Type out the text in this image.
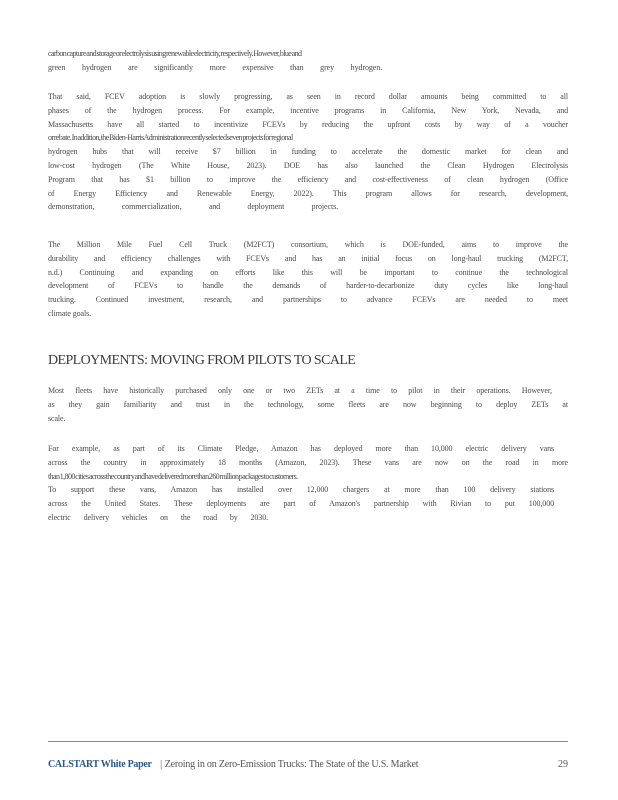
carbon capture and storage or electrolysis using renewable electricity, respectively. However, blue and
green hydrogen are significantly more expensive than grey hydrogen.
That said, FCEV adoption is slowly progressing, as seen in record dollar amounts being committed to all
phases of the hydrogen process. For example, incentive programs in California, New York, Nevada, and
Massachusetts have all started to incentivize FCEVs by reducing the upfront costs by way of a voucher
or rebate. In addition, the Biden-Harris Administration recently selected seven projects for regional
hydrogen hubs that will receive $7 billion in funding to accelerate the domestic market for clean and
low-cost hydrogen (The White House, 2023). DOE has also launched the Clean Hydrogen Electrolysis
Program that has $1 billion to improve the efficiency and cost-effectiveness of clean hydrogen (Office
of Energy Efficiency and Renewable Energy, 2022). This program allows for research, development,
demonstration, commercialization, and deployment projects.
The Million Mile Fuel Cell Truck (M2FCT) consortium, which is DOE-funded, aims to improve the
durability and efficiency challenges with FCEVs and has an initial focus on long-haul trucking (M2FCT,
n.d.) Continuing and expanding on efforts like this will be important to continue the technological
development of FCEVs to handle the demands of harder-to-decarbonize duty cycles like long-haul
trucking. Continued investment, research, and partnerships to advance FCEVs are needed to meet
climate goals.
DEPLOYMENTS: MOVING FROM PILOTS TO SCALE
Most fleets have historically purchased only one or two ZETs at a time to pilot in their operations. However,
as they gain familiarity and trust in the technology, some fleets are now beginning to deploy ZETs at
scale.
For example, as part of its Climate Pledge, Amazon has deployed more than 10,000 electric delivery vans
across the country in approximately 18 months (Amazon, 2023). These vans are now on the road in more
than 1,800 cities across the country and have delivered more than 260 million packages to customers.
To support these vans, Amazon has installed over 12,000 chargers at more than 100 delivery stations
across the United States. These deployments are part of Amazon's partnership with Rivian to put 100,000
electric delivery vehicles on the road by 2030.
CALSTART White Paper | Zeroing in on Zero-Emission Trucks: The State of the U.S. Market	29
